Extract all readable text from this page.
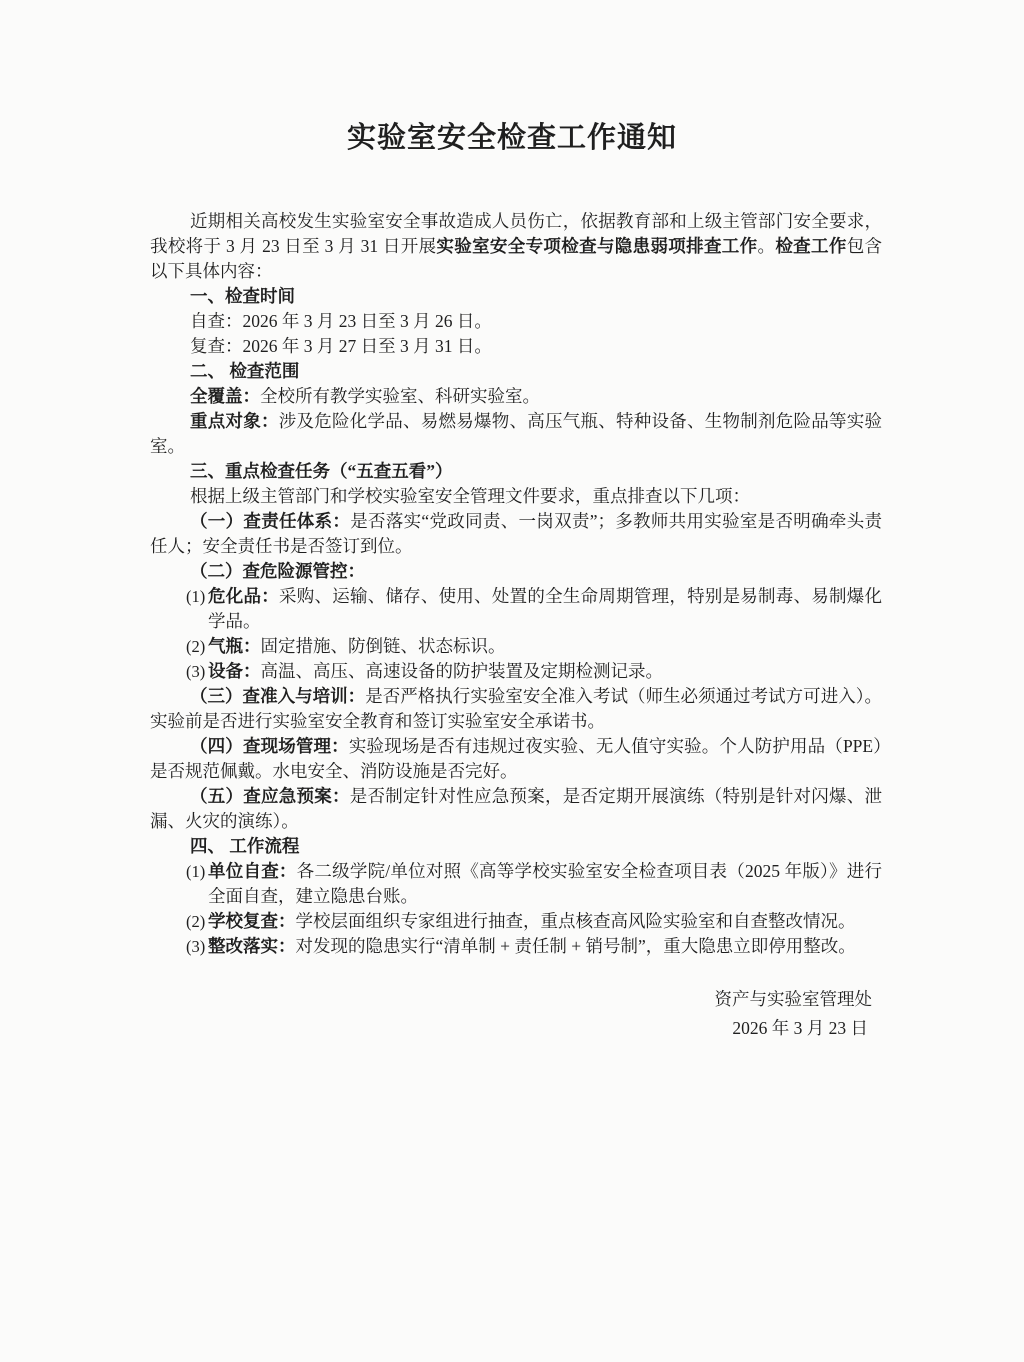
实验室安全检查工作通知

近期相关高校发生实验室安全事故造成人员伤亡，依据教育部和上级主管部门安全要求，我校将于 3 月 23 日至 3 月 31 日开展实验室安全专项检查与隐患弱项排查工作。检查工作包含以下具体内容：

一、检查时间

自查：2026 年 3 月 23 日至 3 月 26 日。

复查：2026 年 3 月 27 日至 3 月 31 日。

二、 检查范围

全覆盖：全校所有教学实验室、科研实验室。

重点对象：涉及危险化学品、易燃易爆物、高压气瓶、特种设备、生物制剂危险品等实验室。

三、重点检查任务（“五查五看”）

根据上级主管部门和学校实验室安全管理文件要求，重点排查以下几项：

（一）查责任体系：是否落实“党政同责、一岗双责”；多教师共用实验室是否明确牵头责任人；安全责任书是否签订到位。

（二）查危险源管控：

(1) 危化品：采购、运输、储存、使用、处置的全生命周期管理，特别是易制毒、易制爆化学品。

(2) 气瓶：固定措施、防倒链、状态标识。

(3) 设备：高温、高压、高速设备的防护装置及定期检测记录。

（三）查准入与培训：是否严格执行实验室安全准入考试（师生必须通过考试方可进入）。实验前是否进行实验室安全教育和签订实验室安全承诺书。

（四）查现场管理：实验现场是否有违规过夜实验、无人值守实验。个人防护用品（PPE）是否规范佩戴。水电安全、消防设施是否完好。

（五）查应急预案：是否制定针对性应急预案，是否定期开展演练（特别是针对闪爆、泄漏、火灾的演练）。

四、 工作流程

(1) 单位自查：各二级学院/单位对照《高等学校实验室安全检查项目表（2025 年版）》进行全面自查，建立隐患台账。

(2) 学校复查：学校层面组织专家组进行抽查，重点核查高风险实验室和自查整改情况。

(3) 整改落实：对发现的隐患实行“清单制 + 责任制 + 销号制”，重大隐患立即停用整改。

资产与实验室管理处

2026 年 3 月 23 日
